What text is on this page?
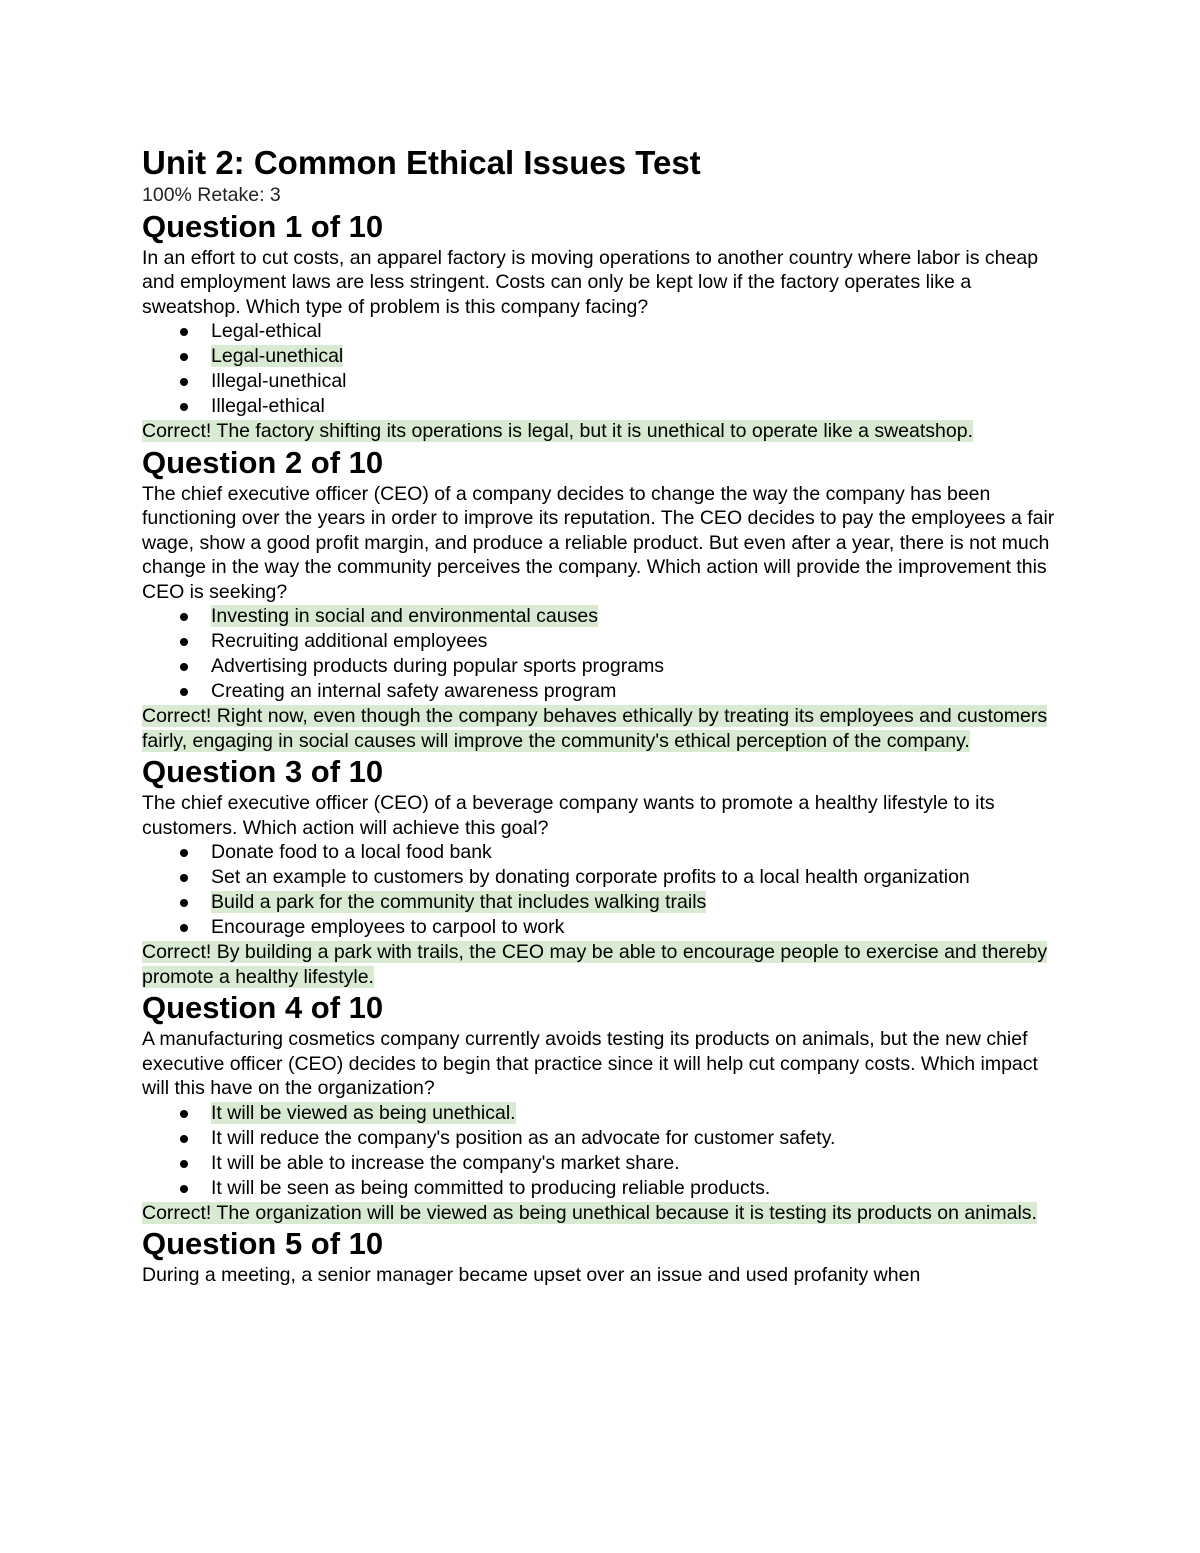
Unit 2: Common Ethical Issues Test

100% Retake: 3

Question 1 of 10

In an effort to cut costs, an apparel factory is moving operations to another country where labor is cheap and employment laws are less stringent. Costs can only be kept low if the factory operates like a sweatshop. Which type of problem is this company facing?

Legal-ethical
Legal-unethical
Illegal-unethical
Illegal-ethical

Correct! The factory shifting its operations is legal, but it is unethical to operate like a sweatshop.

Question 2 of 10

The chief executive officer (CEO) of a company decides to change the way the company has been functioning over the years in order to improve its reputation. The CEO decides to pay the employees a fair wage, show a good profit margin, and produce a reliable product. But even after a year, there is not much change in the way the community perceives the company. Which action will provide the improvement this CEO is seeking?

Investing in social and environmental causes
Recruiting additional employees
Advertising products during popular sports programs
Creating an internal safety awareness program

Correct! Right now, even though the company behaves ethically by treating its employees and customers fairly, engaging in social causes will improve the community's ethical perception of the company.

Question 3 of 10

The chief executive officer (CEO) of a beverage company wants to promote a healthy lifestyle to its customers. Which action will achieve this goal?

Donate food to a local food bank
Set an example to customers by donating corporate profits to a local health organization
Build a park for the community that includes walking trails
Encourage employees to carpool to work

Correct! By building a park with trails, the CEO may be able to encourage people to exercise and thereby promote a healthy lifestyle.

Question 4 of 10

A manufacturing cosmetics company currently avoids testing its products on animals, but the new chief executive officer (CEO) decides to begin that practice since it will help cut company costs. Which impact will this have on the organization?

It will be viewed as being unethical.
It will reduce the company's position as an advocate for customer safety.
It will be able to increase the company's market share.
It will be seen as being committed to producing reliable products.

Correct! The organization will be viewed as being unethical because it is testing its products on animals.

Question 5 of 10

During a meeting, a senior manager became upset over an issue and used profanity when
